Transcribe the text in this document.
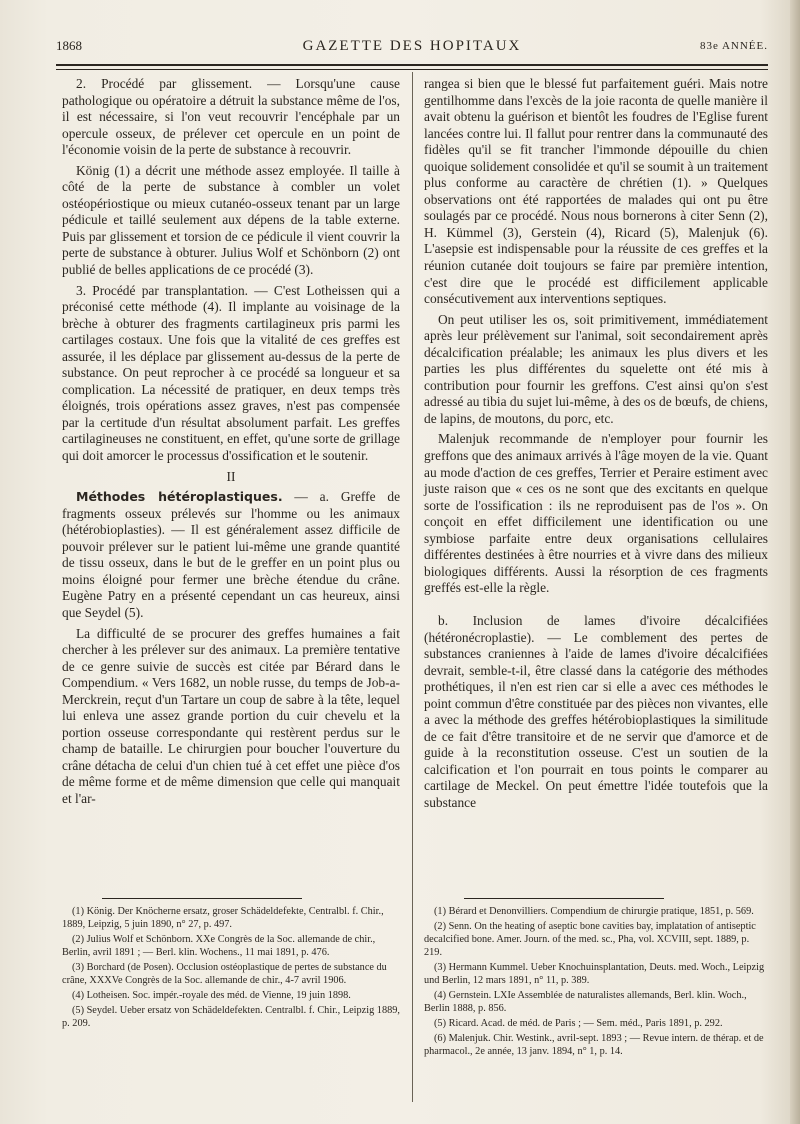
1868	GAZETTE DES HOPITAUX	83e ANNÉE.

2. Procédé par glissement. — Lorsqu'une cause pathologique ou opératoire a détruit la substance même de l'os, il est nécessaire, si l'on veut recouvrir l'encéphale par un opercule osseux, de prélever cet opercule en un point de l'économie voisin de la perte de substance à recouvrir.

König (1) a décrit une méthode assez employée. Il taille à côté de la perte de substance à combler un volet ostéopériostique ou mieux cutanéo-osseux tenant par un large pédicule et taillé seulement aux dépens de la table externe. Puis par glissement et torsion de ce pédicule il vient couvrir la perte de substance à obturer. Julius Wolf et Schönborn (2) ont publié de belles applications de ce procédé (3).

3. Procédé par transplantation. — C'est Lotheissen qui a préconisé cette méthode (4). Il implante au voisinage de la brèche à obturer des fragments cartilagineux pris parmi les cartilages costaux. Une fois que la vitalité de ces greffes est assurée, il les déplace par glissement au-dessus de la perte de substance. On peut reprocher à ce procédé sa longueur et sa complication. La nécessité de pratiquer, en deux temps très éloignés, trois opérations assez graves, n'est pas compensée par la certitude d'un résultat absolument parfait. Les greffes cartilagineuses ne constituent, en effet, qu'une sorte de grillage qui doit amorcer le processus d'ossification et le soutenir.

II

Méthodes hétéroplastiques. — a. Greffe de fragments osseux prélevés sur l'homme ou les animaux (hétérobioplasties). — Il est généralement assez difficile de pouvoir prélever sur le patient lui-même une grande quantité de tissu osseux, dans le but de le greffer en un point plus ou moins éloigné pour fermer une brèche étendue du crâne. Eugène Patry en a présenté cependant un cas heureux, ainsi que Seydel (5).

La difficulté de se procurer des greffes humaines a fait chercher à les prélever sur des animaux. La première tentative de ce genre suivie de succès est citée par Bérard dans le Compendium. « Vers 1682, un noble russe, du temps de Job-a-Merckrein, reçut d'un Tartare un coup de sabre à la tête, lequel lui enleva une assez grande portion du cuir chevelu et la portion osseuse correspondante qui restèrent perdus sur le champ de bataille. Le chirurgien pour boucher l'ouverture du crâne détacha de celui d'un chien tué à cet effet une pièce d'os de même forme et de même dimension que celle qui manquait et l'ar-

rangea si bien que le blessé fut parfaitement guéri. Mais notre gentilhomme dans l'excès de la joie raconta de quelle manière il avait obtenu la guérison et bientôt les foudres de l'Eglise furent lancées contre lui. Il fallut pour rentrer dans la communauté des fidèles qu'il se fit trancher l'immonde dépouille du chien quoique solidement consolidée et qu'il se soumit à un traitement plus conforme au caractère de chrétien (1). » Quelques observations ont été rapportées de malades qui ont pu être soulagés par ce procédé. Nous nous bornerons à citer Senn (2), H. Kümmel (3), Gerstein (4), Ricard (5), Malenjuk (6). L'asepsie est indispensable pour la réussite de ces greffes et la réunion cutanée doit toujours se faire par première intention, c'est dire que le procédé est difficilement applicable consécutivement aux interventions septiques.

On peut utiliser les os, soit primitivement, immédiatement après leur prélèvement sur l'animal, soit secondairement après décalcification préalable; les animaux les plus divers et les parties les plus différentes du squelette ont été mis à contribution pour fournir les greffons. C'est ainsi qu'on s'est adressé au tibia du sujet lui-même, à des os de bœufs, de chiens, de lapins, de moutons, du porc, etc.

Malenjuk recommande de n'employer pour fournir les greffons que des animaux arrivés à l'âge moyen de la vie. Quant au mode d'action de ces greffes, Terrier et Peraire estiment avec juste raison que « ces os ne sont que des excitants en quelque sorte de l'ossification : ils ne reproduisent pas de l'os ». On conçoit en effet difficilement une identification ou une symbiose parfaite entre deux organisations cellulaires différentes destinées à être nourries et à vivre dans des milieux biologiques différents. Aussi la résorption de ces fragments greffés est-elle la règle.

b. Inclusion de lames d'ivoire décalcifiées (hétéronécroplastie). — Le comblement des pertes de substances craniennes à l'aide de lames d'ivoire décalcifiées devrait, semble-t-il, être classé dans la catégorie des méthodes prothétiques, il n'en est rien car si elle a avec ces méthodes le point commun d'être constituée par des pièces non vivantes, elle a avec la méthode des greffes hétérobioplastiques la similitude de ce fait d'être transitoire et de ne servir que d'amorce et de guide à la reconstitution osseuse. C'est un soutien de la calcification et l'on pourrait en tous points le comparer au cartilage de Meckel. On peut émettre l'idée toutefois que la substance

(1) König. Der Knöcherne ersatz, groser Schädeldefekte, Centralbl. f. Chir., 1889, Leipzig, 5 juin 1890, n° 27, p. 497.

(2) Julius Wolf et Schönborn. XXe Congrès de la Soc. allemande de chir., Berlin, avril 1891 ; — Berl. klin. Wochens., 11 mai 1891, p. 476.

(3) Borchard (de Posen). Occlusion ostéoplastique de pertes de substance du crâne, XXXVe Congrès de la Soc. allemande de chir., 4-7 avril 1906.

(4) Lotheisen. Soc. impér.-royale des méd. de Vienne, 19 juin 1898.

(5) Seydel. Ueber ersatz von Schädeldefekten. Centralbl. f. Chir., Leipzig 1889, p. 209.

(1) Bérard et Denonvilliers. Compendium de chirurgie pratique, 1851, p. 569.

(2) Senn. On the heating of aseptic bone cavities bay, implatation of antiseptic decalcified bone. Amer. Journ. of the med. sc., Pha, vol. XCVIII, sept. 1889, p. 219.

(3) Hermann Kummel. Ueber Knochuinsplantation, Deuts. med. Woch., Leipzig und Berlin, 12 mars 1891, n° 11, p. 389.

(4) Gernstein. LXIe Assemblée de naturalistes allemands, Berl. klin. Woch., Berlin 1888, p. 856.

(5) Ricard. Acad. de méd. de Paris ; — Sem. méd., Paris 1891, p. 292.

(6) Malenjuk. Chir. Westink., avril-sept. 1893 ; — Revue intern. de thérap. et de pharmacol., 2e année, 13 janv. 1894, n° 1, p. 14.
